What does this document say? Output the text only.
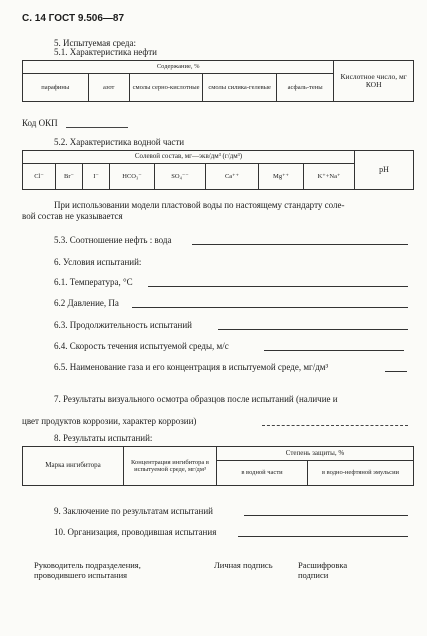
С. 14 ГОСТ 9.506—87
5. Испытуемая среда:
5.1. Характеристика нефти
Содержание, %					Кислотное число, мг КОН
парафины	азот	смолы серно-кислотные	смолы силика-гелевые	асфаль-тены	
Код ОКП
5.2. Характеристика водной части
Солевой состав, мг—экв/дм³ (г/дм³)								pH
Cl⁻	Br⁻	I⁻	HCO₃⁻	SO₄⁻⁻	Ca⁺⁺	Mg⁺⁺	K⁺+Na⁺	
При использовании модели пластовой воды по настоящему стандарту соле-
вой состав не указывается
5.3. Соотношение нефть : вода
6. Условия испытаний:
6.1. Температура, °С
6.2 Давление, Па
6.3. Продолжительность испытаний
6.4. Скорость течения испытуемой среды, м/с
6.5. Наименование газа и его концентрация в испытуемой среде, мг/дм³
7. Результаты визуального осмотра образцов после испытаний (наличие и
цвет продуктов коррозии, характер коррозии)
8. Результаты испытаний:
Марка ингибитора	Концентрация ингибитора в испытуемой среде, мг/дм³	Степень защиты, %	
		в водной части	в водно-нефтяной эмульсии
9. Заключение по результатам испытаний
10. Организация, проводившая испытания
Руководитель подразделения, проводившего испытания
Личная подпись	Расшифровка подписи
